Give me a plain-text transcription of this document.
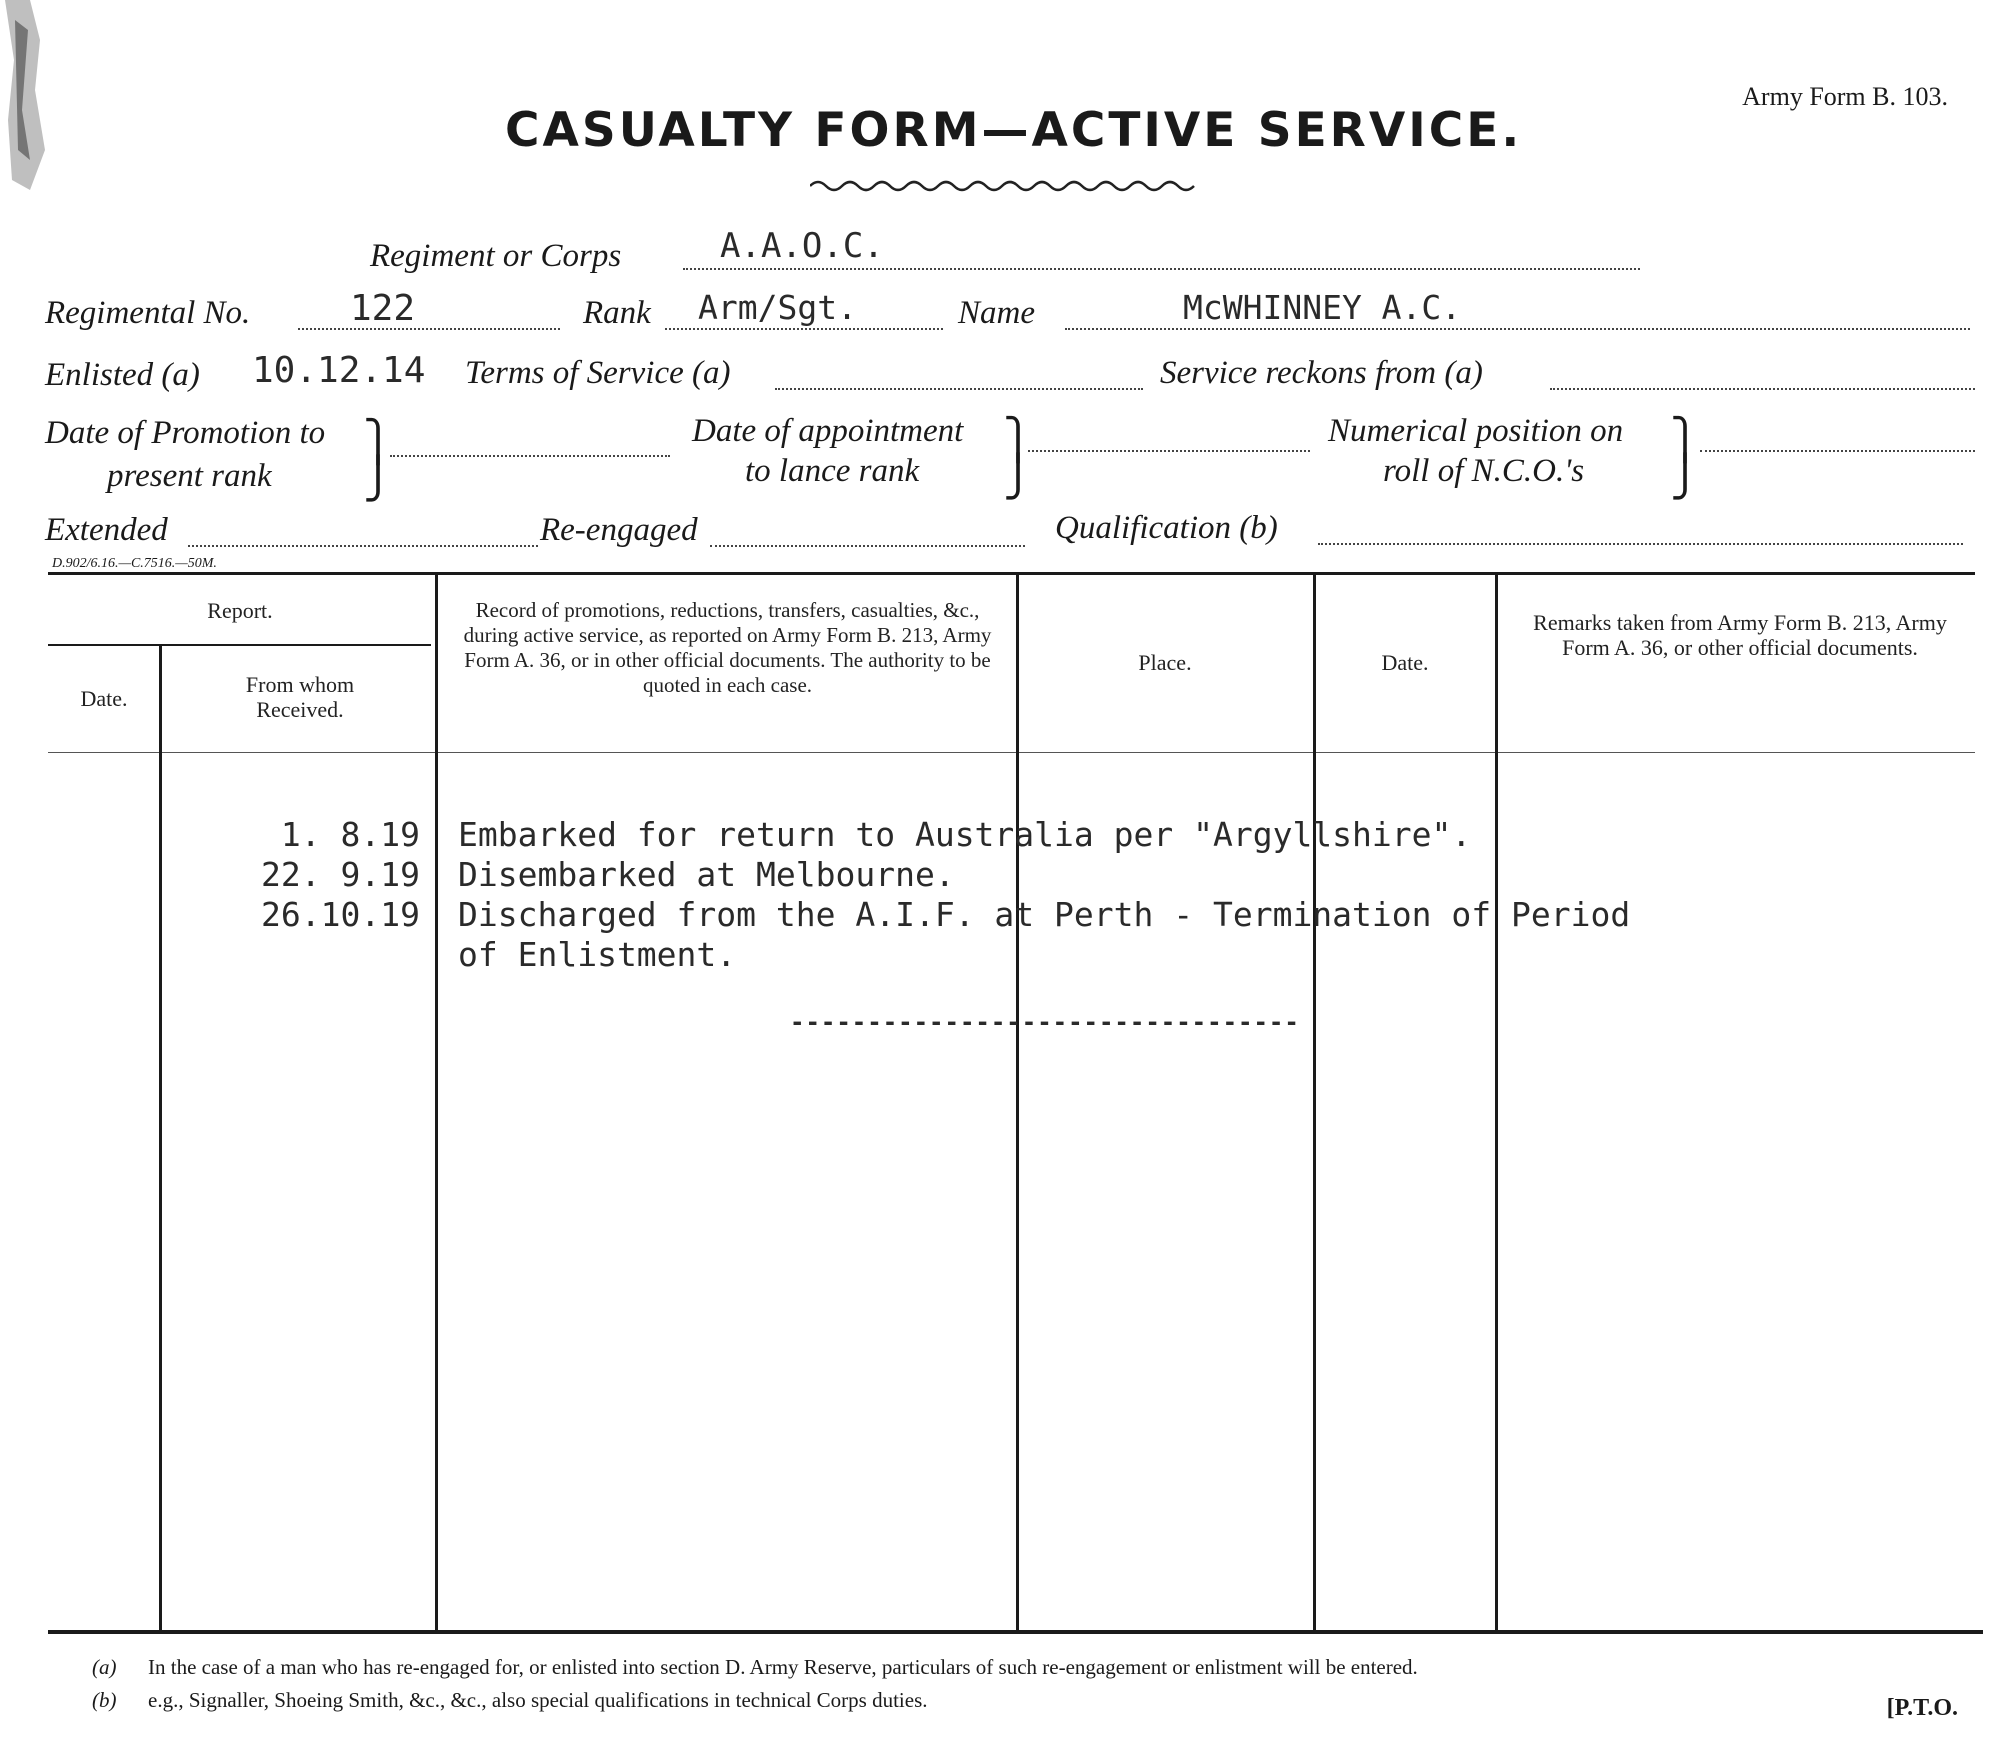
Army Form B. 103.
CASUALTY FORM—ACTIVE SERVICE.
Regiment or Corps	A.A.O.C.
Regimental No.	122	Rank Arm/Sgt.	Name	McWHINNEY A.C.
Enlisted (a) 10.12.14 Terms of Service (a)	Service reckons from (a)
Date of Promotion to
present rank
⎫
⎭
Date of appointment
to lance rank
⎫
⎭
Numerical position on
roll of N.C.O.'s
⎫
⎭
Extended	Re-engaged	Qualification (b)
D.902/6.16.—C.7516.—50M.
Report.
Date.
From whom Received.
Record of promotions, reductions, transfers, casualties, &c., during active service, as reported on Army Form B. 213, Army Form A. 36, or in other official documents. The authority to be quoted in each case.
Place.	Date.
Remarks taken from Army Form B. 213, Army Form A. 36, or other official documents.
1. 8.19 Embarked for return to Australia per "Argyllshire".
22. 9.19 Disembarked at Melbourne.
26.10.19 Discharged from the A.I.F. at Perth - Termination of Period
of Enlistment.
---------------------------------
(a) In the case of a man who has re-engaged for, or enlisted into section D. Army Reserve, particulars of such re-engagement or enlistment will be entered.
(b) e.g., Signaller, Shoeing Smith, &c., &c., also special qualifications in technical Corps duties.	[P.T.O.
